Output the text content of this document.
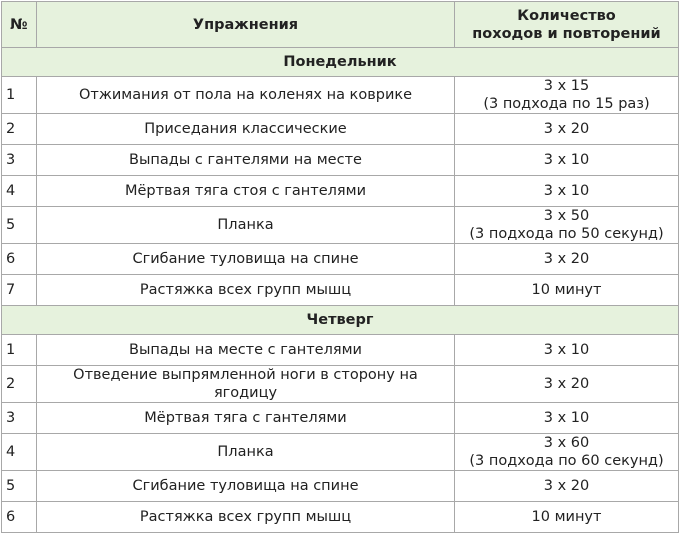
№	Упражнения	Количество
походов и повторений

Понедельник		
1	Отжимания от пола на коленях на коврике	3 x 15
(3 подхода по 15 раз)

2	Приседания классические	3 x 20

3	Выпады с гантелями на месте	3 x 10

4	Мёртвая тяга стоя с гантелями	3 x 10

5	Планка	3 x 50
(3 подхода по 50 секунд)

6	Сгибание туловища на спине	3 x 20

7	Растяжка всех групп мышц	10 минут

Четверг		
1	Выпады на месте с гантелями	3 x 10

2	Отведение выпрямленной ноги в сторону на ягодицу	3 x 20

3	Мёртвая тяга с гантелями	3 x 10

4	Планка	3 x 60
(3 подхода по 60 секунд)

5	Сгибание туловища на спине	3 x 20

6	Растяжка всех групп мышц	10 минут
